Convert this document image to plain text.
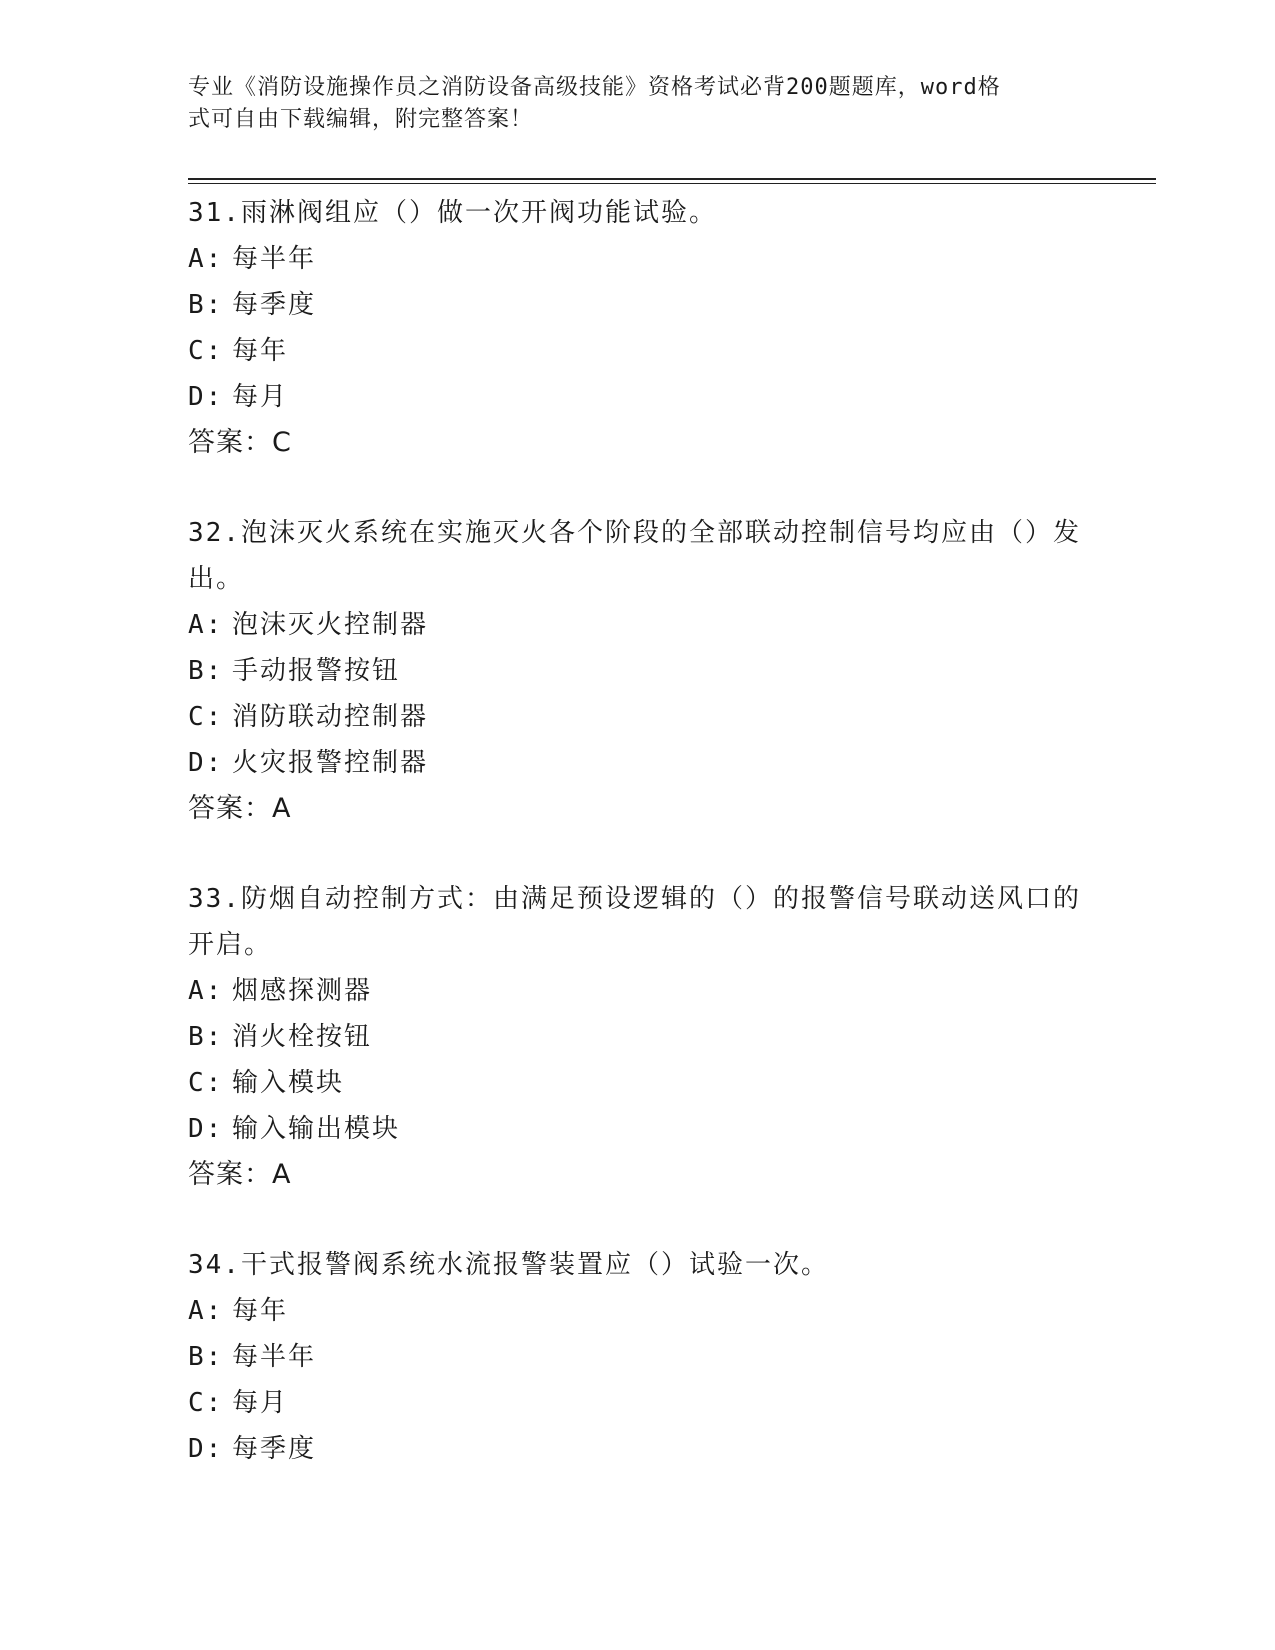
专业《消防设施操作员之消防设备高级技能》资格考试必背200题题库，word格
式可自由下载编辑，附完整答案！
31.雨淋阀组应（）做一次开阀功能试验。
A: 每半年
B: 每季度
C: 每年
D: 每月
答案：C
32.泡沫灭火系统在实施灭火各个阶段的全部联动控制信号均应由（）发出。
A: 泡沫灭火控制器
B: 手动报警按钮
C: 消防联动控制器
D: 火灾报警控制器
答案：A
33.防烟自动控制方式：由满足预设逻辑的（）的报警信号联动送风口的开启。
A: 烟感探测器
B: 消火栓按钮
C: 输入模块
D: 输入输出模块
答案：A
34.干式报警阀系统水流报警装置应（）试验一次。
A: 每年
B: 每半年
C: 每月
D: 每季度
